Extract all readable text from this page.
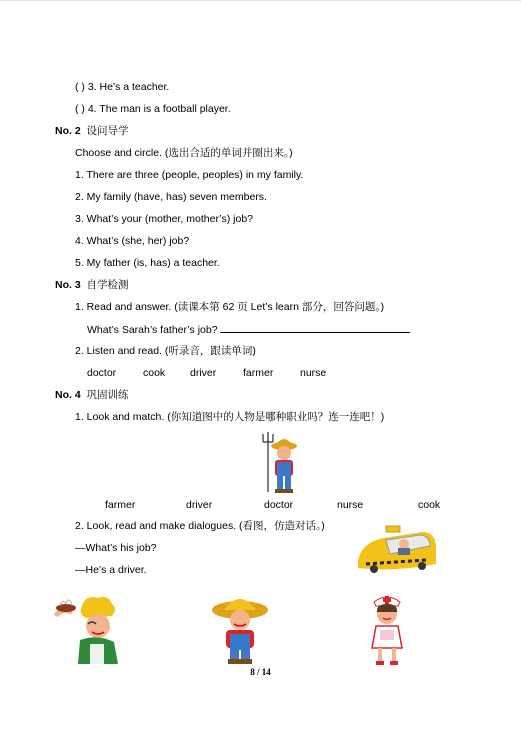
( ) 3. He’s a teacher.
( ) 4. The man is a football player.
No. 2 设问导学
Choose and circle. (选出合适的单词并圈出来。)
1. There are three (people, peoples) in my family.
2. My family (have, has) seven members.
3. What’s your (mother, mother’s) job?
4. What’s (she, her) job?
5. My father (is, has) a teacher.
No. 3 自学检测
1. Read and answer. (读课本第 62 页 Let’s learn 部分，回答问题。)
What’s Sarah’s father’s job?
2. Listen and read. (听录音，跟读单词)
doctor	cook driver	farmer	nurse
No. 4 巩固训练
1. Look and match. (你知道图中的人物是哪种职业吗？连一连吧！)
farmer	driver	doctor	nurse	cook
2. Look, read and make dialogues. (看图，仿造对话。)
—What’s his job?
—He’s a driver.
8 / 14
